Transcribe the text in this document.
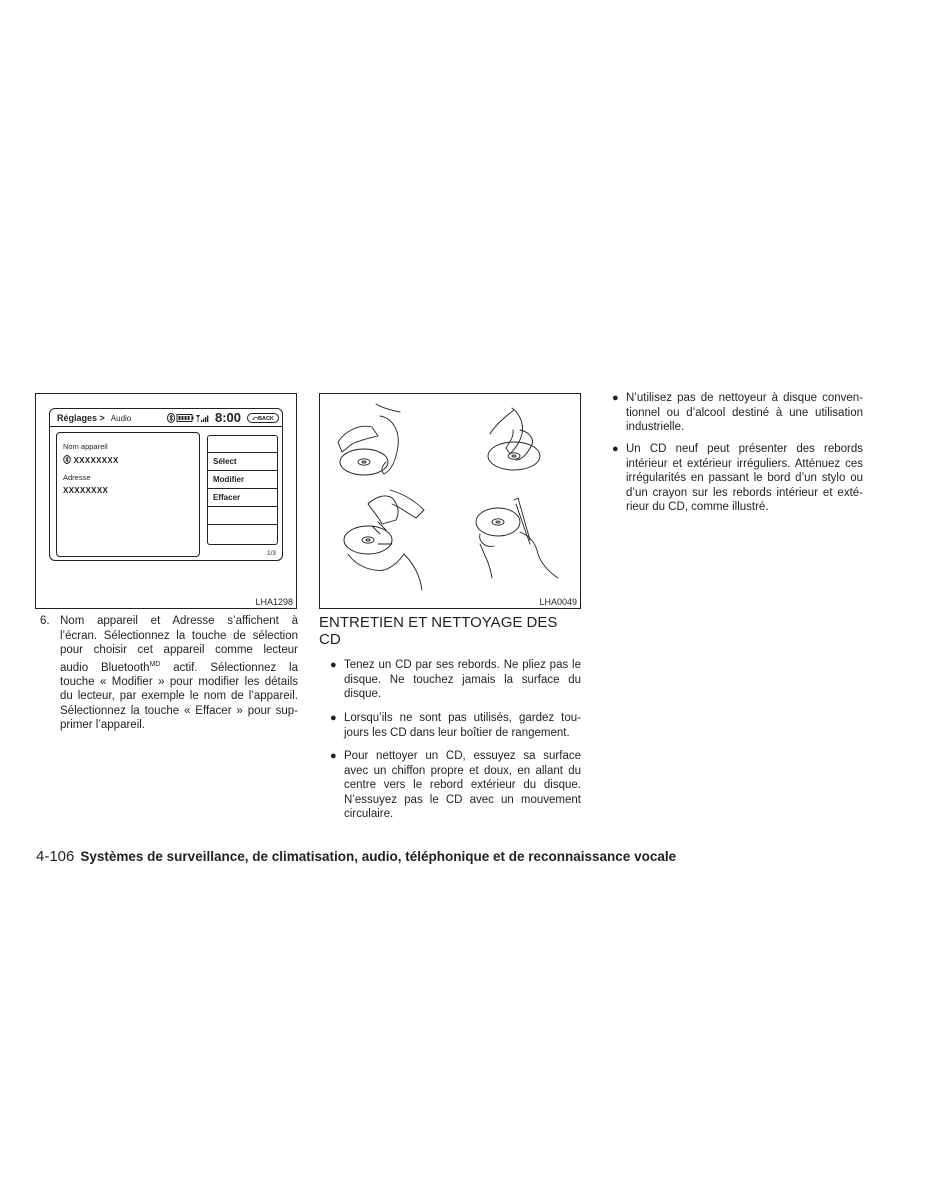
Réglages > Audio	8:00	⤺BACK
Nom appareil
XXXXXXXX
Adresse
XXXXXXXX
Sélect
Modifier
Effacer
1/3
LHA1298	LHA0049
6. Nom appareil et Adresse s’affichent à
l’écran. Sélectionnez la touche de sélection
pour choisir cet appareil comme lecteur
audio Bluetooth$^{MD}$ actif. Sélectionnez la
touche « Modifier » pour modifier les détails
du lecteur, par exemple le nom de l’appareil.
Sélectionnez la touche « Effacer » pour sup-
primer l’appareil.
ENTRETIEN ET NETTOYAGE DES
CD
● Tenez un CD par ses rebords. Ne pliez pas le
disque. Ne touchez jamais la surface du
disque.
● Lorsqu’ils ne sont pas utilisés, gardez tou-
jours les CD dans leur boîtier de rangement.
● Pour nettoyer un CD, essuyez sa surface
avec un chiffon propre et doux, en allant du
centre vers le rebord extérieur du disque.
N’essuyez pas le CD avec un mouvement
circulaire.
● N’utilisez pas de nettoyeur à disque conven-
tionnel ou d’alcool destiné à une utilisation
industrielle.
● Un CD neuf peut présenter des rebords
intérieur et extérieur irréguliers. Atténuez ces
irrégularités en passant le bord d’un stylo ou
d’un crayon sur les rebords intérieur et exté-
rieur du CD, comme illustré.
4-106 Systèmes de surveillance, de climatisation, audio, téléphonique et de reconnaissance vocale
